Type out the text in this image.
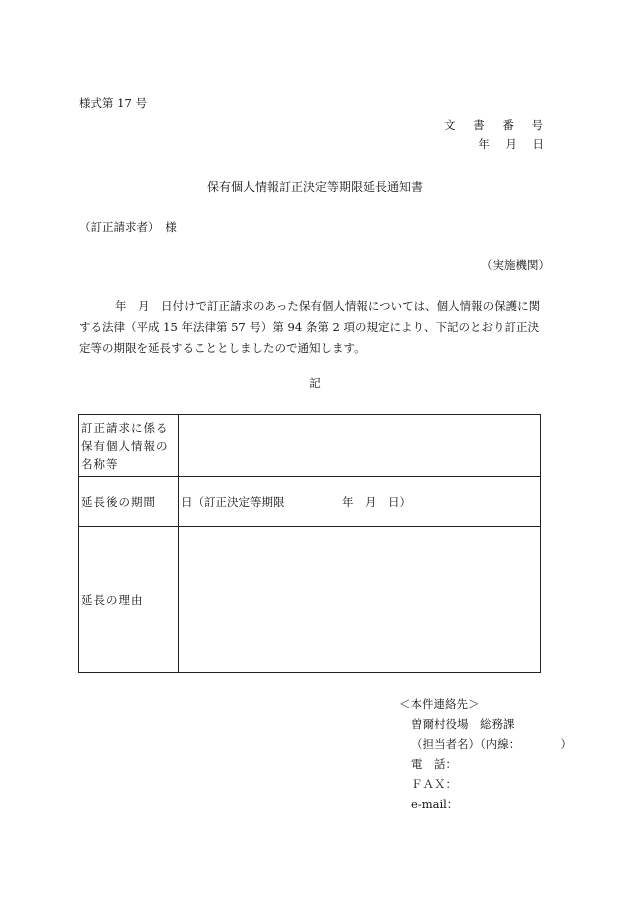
様式第 17 号
文 書 番 号
年 月 日
保有個人情報訂正決定等期限延長通知書
（訂正請求者）　様
（実施機関）

年　月　日付けで訂正請求のあった保有個人情報については、個人情報の保護に関する法律（平成 15 年法律第 57 号）第 94 条第 2 項の規定により、下記のとおり訂正決定等の期限を延長することとしましたので通知します。

記
訂正請求に係る保有個人情報の名称等	
延長後の期間	日（訂正決定等期限　　　　　年　月　日）
延長の理由	
＜本件連絡先＞
曽爾村役場　総務課
（担当者名）（内線：　　　　）
電　話：
ＦＡＸ：
e-mail：
